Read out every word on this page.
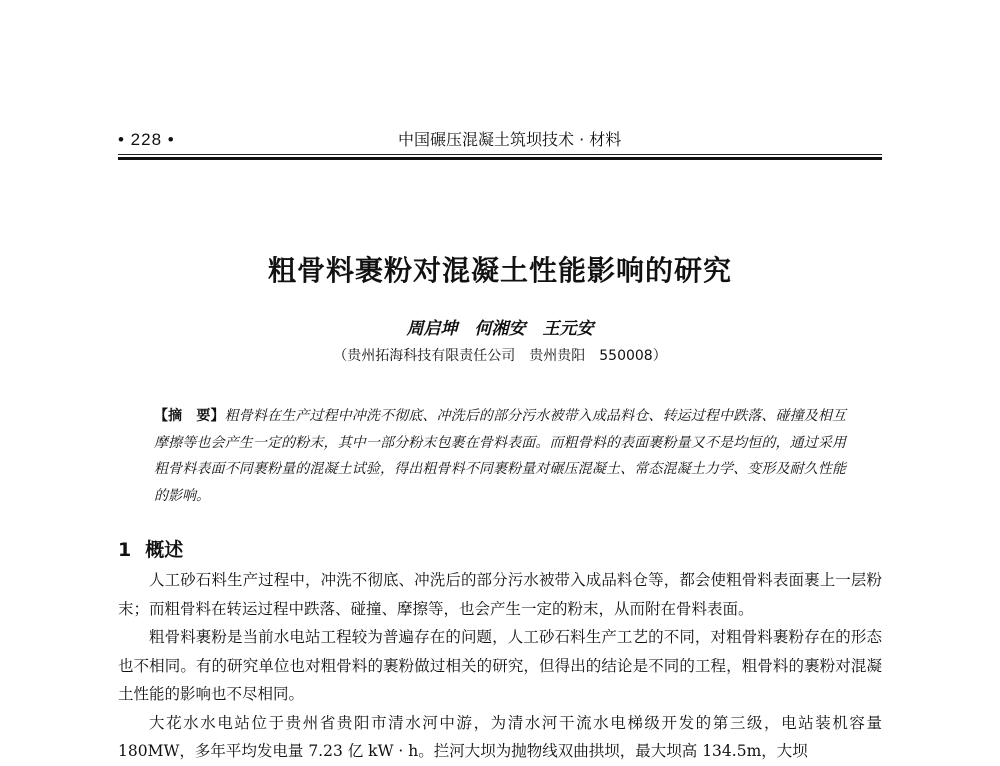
• 228 •	中国碾压混凝土筑坝技术 · 材料
粗骨料裹粉对混凝土性能影响的研究
周启坤　何湘安　王元安
（贵州拓海科技有限责任公司　贵州贵阳　550008）
【摘　要】粗骨料在生产过程中冲洗不彻底、冲洗后的部分污水被带入成品料仓、转运过程中跌落、碰撞及相互摩擦等也会产生一定的粉末，其中一部分粉末包裹在骨料表面。而粗骨料的表面裹粉量又不是均恒的，通过采用粗骨料表面不同裹粉量的混凝土试验，得出粗骨料不同裹粉量对碾压混凝土、常态混凝土力学、变形及耐久性能的影响。
1 概述

人工砂石料生产过程中，冲洗不彻底、冲洗后的部分污水被带入成品料仓等，都会使粗骨料表面裹上一层粉末；而粗骨料在转运过程中跌落、碰撞、摩擦等，也会产生一定的粉末，从而附在骨料表面。

粗骨料裹粉是当前水电站工程较为普遍存在的问题，人工砂石料生产工艺的不同，对粗骨料裹粉存在的形态也不相同。有的研究单位也对粗骨料的裹粉做过相关的研究，但得出的结论是不同的工程，粗骨料的裹粉对混凝土性能的影响也不尽相同。

大花水水电站位于贵州省贵阳市清水河中游，为清水河干流水电梯级开发的第三级，电站装机容量 180MW，多年平均发电量 7.23 亿 kW · h。拦河大坝为抛物线双曲拱坝，最大坝高 134.5m，大坝
